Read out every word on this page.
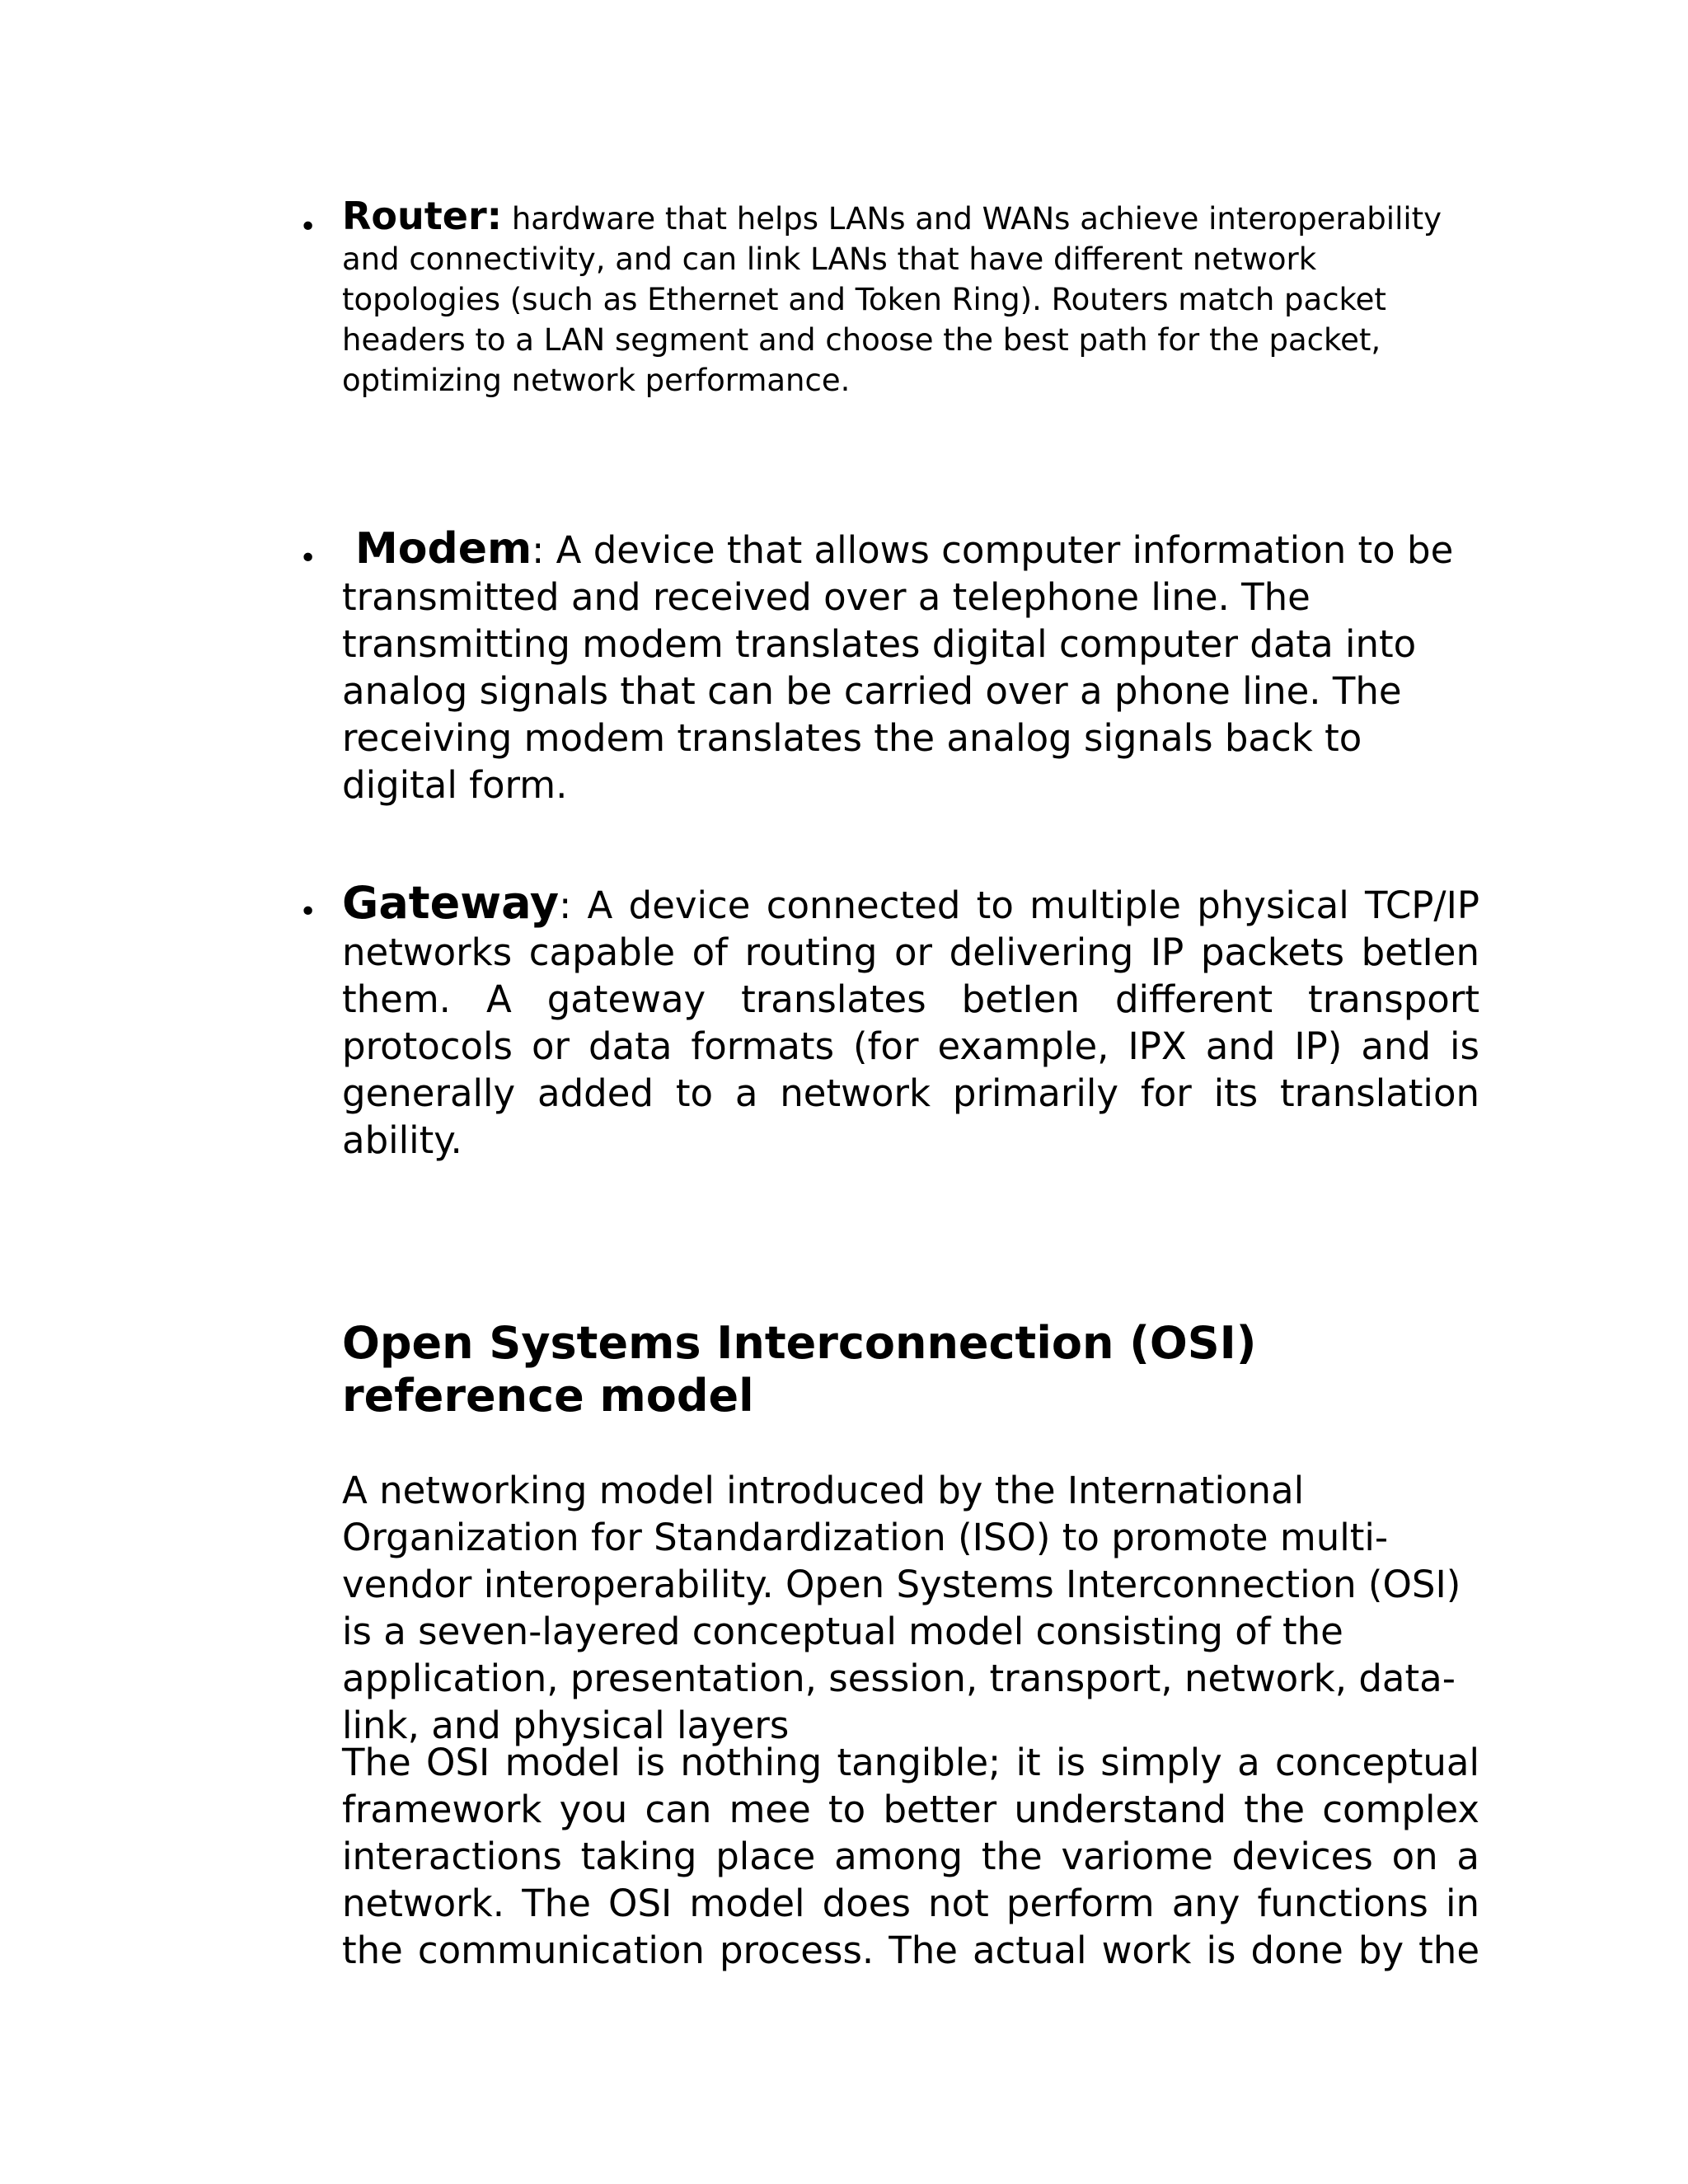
• Router: hardware that helps LANs and WANs achieve interoperability and connectivity, and can link LANs that have different network topologies (such as Ethernet and Token Ring). Routers match packet headers to a LAN segment and choose the best path for the packet, optimizing network performance.

• Modem: A device that allows computer information to be transmitted and received over a telephone line. The transmitting modem translates digital computer data into analog signals that can be carried over a phone line. The receiving modem translates the analog signals back to digital form.

• Gateway: A device connected to multiple physical TCP/IP networks capable of routing or delivering IP packets betIen them. A gateway translates betIen different transport protocols or data formats (for example, IPX and IP) and is generally added to a network primarily for its translation ability.

Open Systems Interconnection (OSI) reference model

A networking model introduced by the International Organization for Standardization (ISO) to promote multi-vendor interoperability. Open Systems Interconnection (OSI) is a seven-layered conceptual model consisting of the application, presentation, session, transport, network, data-link, and physical layers

The OSI model is nothing tangible; it is simply a conceptual framework you can mee to better understand the complex interactions taking place among the variome devices on a network. The OSI model does not perform any functions in the communication process. The actual work is done by the
